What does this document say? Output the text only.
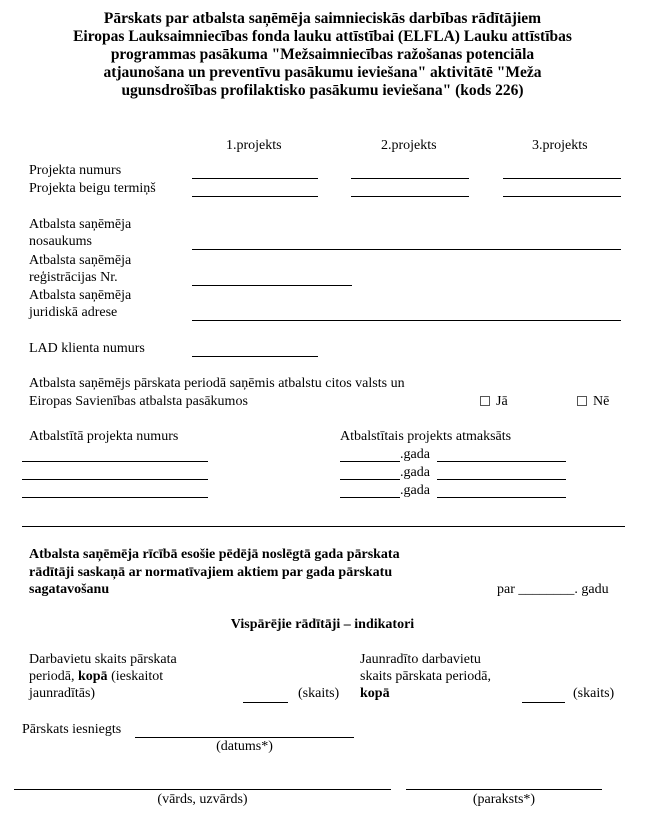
Pārskats par atbalsta saņēmēja saimnieciskās darbības rādītājiem
Eiropas Lauksaimniecības fonda lauku attīstībai (ELFLA) Lauku attīstības
programmas pasākuma "Mežsaimniecības ražošanas potenciāla
atjaunošana un preventīvu pasākumu ieviešana" aktivitātē "Meža
ugunsdrošības profilaktisko pasākumu ieviešana" (kods 226)
1.projekts	2.projekts	3.projekts
Projekta numurs
Projekta beigu termiņš
Atbalsta saņēmēja
nosaukums
Atbalsta saņēmēja
reģistrācijas Nr.
Atbalsta saņēmēja
juridiskā adrese
LAD klienta numurs
Atbalsta saņēmējs pārskata periodā saņēmis atbalstu citos valsts un
Eiropas Savienības atbalsta pasākumos	Jā	Nē
Atbalstītā projekta numurs	Atbalstītais projekts atmaksāts
.gada
.gada
.gada
Atbalsta saņēmēja rīcībā esošie pēdējā noslēgtā gada pārskata
rādītāji saskaņā ar normatīvajiem aktiem par gada pārskatu
sagatavošanu	par ________. gadu
Vispārējie rādītāji – indikatori
Darbavietu skaits pārskata
periodā, kopā (ieskaitot
jaunradītās)	(skaits)
Jaunradīto darbavietu
skaits pārskata periodā,
kopā	(skaits)
Pārskats iesniegts
(datums*)
(vārds, uzvārds)	(paraksts*)
